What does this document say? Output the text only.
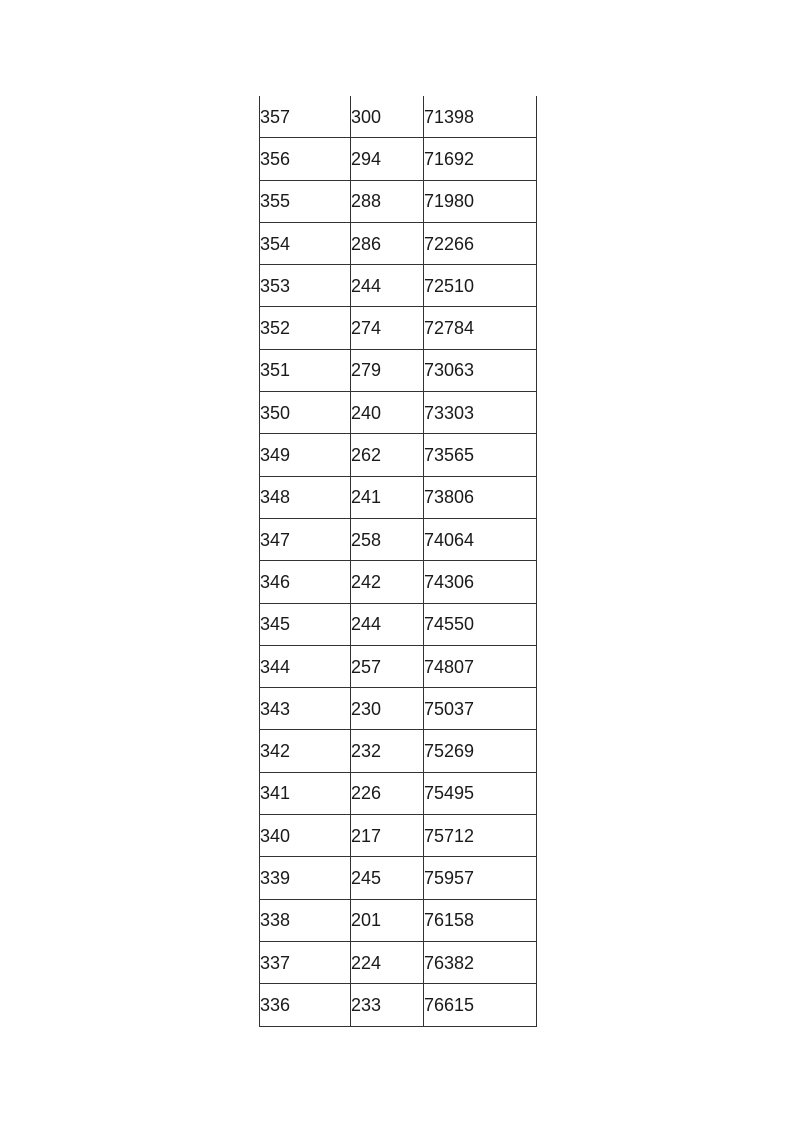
357	300	71398
356	294	71692
355	288	71980
354	286	72266
353	244	72510
352	274	72784
351	279	73063
350	240	73303
349	262	73565
348	241	73806
347	258	74064
346	242	74306
345	244	74550
344	257	74807
343	230	75037
342	232	75269
341	226	75495
340	217	75712
339	245	75957
338	201	76158
337	224	76382
336	233	76615
